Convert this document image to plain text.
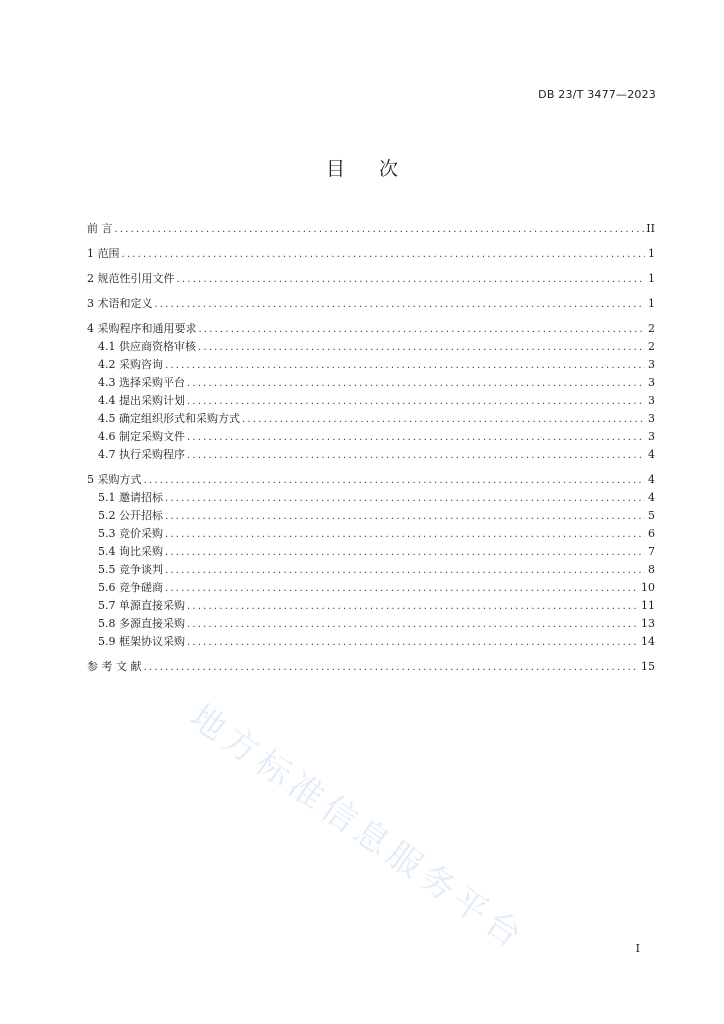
DB 23/T 3477—2023
目 次
前 言 .....	II
1 范围 .....	1
2 规范性引用文件 .....	1
3 术语和定义 .....	1
4 采购程序和通用要求 .....	2
4.1 供应商资格审核 .....	2
4.2 采购咨询 .....	3
4.3 选择采购平台 .....	3
4.4 提出采购计划 .....	3
4.5 确定组织形式和采购方式 .....	3
4.6 制定采购文件 .....	3
4.7 执行采购程序 .....	4
5 采购方式 .....	4
5.1 邀请招标 .....	4
5.2 公开招标 .....	5
5.3 竞价采购 .....	6
5.4 询比采购 .....	7
5.5 竞争谈判 .....	8
5.6 竞争磋商 .....	10
5.7 单源直接采购 .....	11
5.8 多源直接采购 .....	13
5.9 框架协议采购 .....	14
参 考 文 献 .....	15
地方标准信息服务平台	I
